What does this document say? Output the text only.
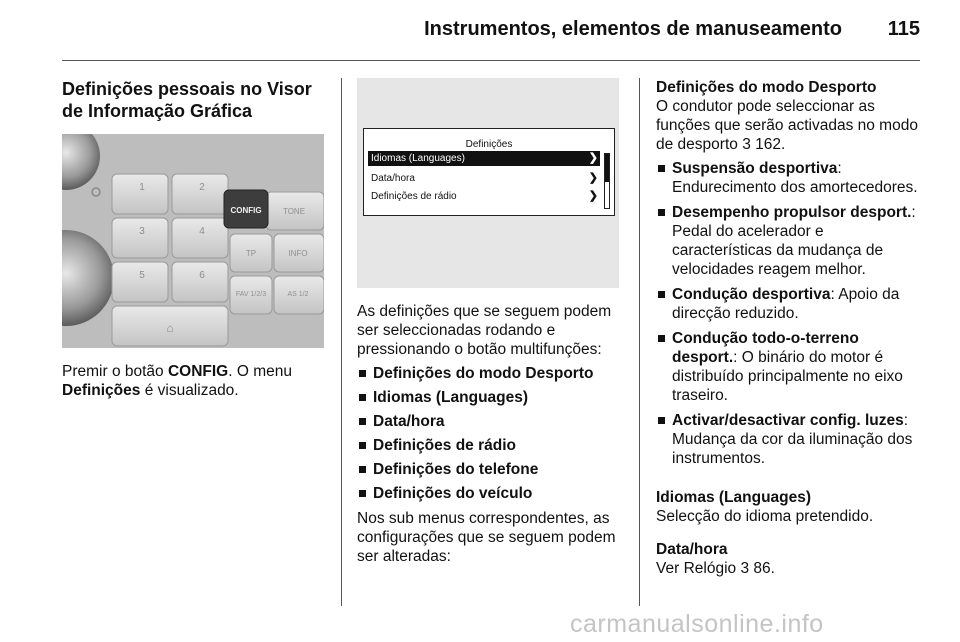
Instrumentos, elementos de manuseamento 115
Definições pessoais no Visor de Informação Gráfica
1	2
3	4
5	6
TONE
TP	INFO
FAV 1/2/3	AS 1/2
⌂
CONFIG

Premir o botão CONFIG. O menu
Definições é visualizado.

Definições
Idiomas (Languages)	❯
Data/hora	❯
Definições de rádio	❯

As definições que se seguem podem ser seleccionadas rodando e pressionando o botão multifunções:

Definições do modo Desporto
Idiomas (Languages)
Data/hora
Definições de rádio
Definições do telefone
Definições do veículo

Nos sub menus correspondentes, as configurações que se seguem podem ser alteradas:

Definições do modo Desporto

O condutor pode seleccionar as funções que serão activadas no modo de desporto 3 162.

Suspensão desportiva: Endurecimento dos amortecedores.
Desempenho propulsor desport.: Pedal do acelerador e características da mudança de velocidades reagem melhor.
Condução desportiva: Apoio da direcção reduzido.
Condução todo-o-terreno desport.: O binário do motor é distribuído principalmente no eixo traseiro.
Activar/desactivar config. luzes: Mudança da cor da iluminação dos instrumentos.

Idiomas (Languages)

Selecção do idioma pretendido.

Data/hora

Ver Relógio 3 86.

carmanualsonline.info
